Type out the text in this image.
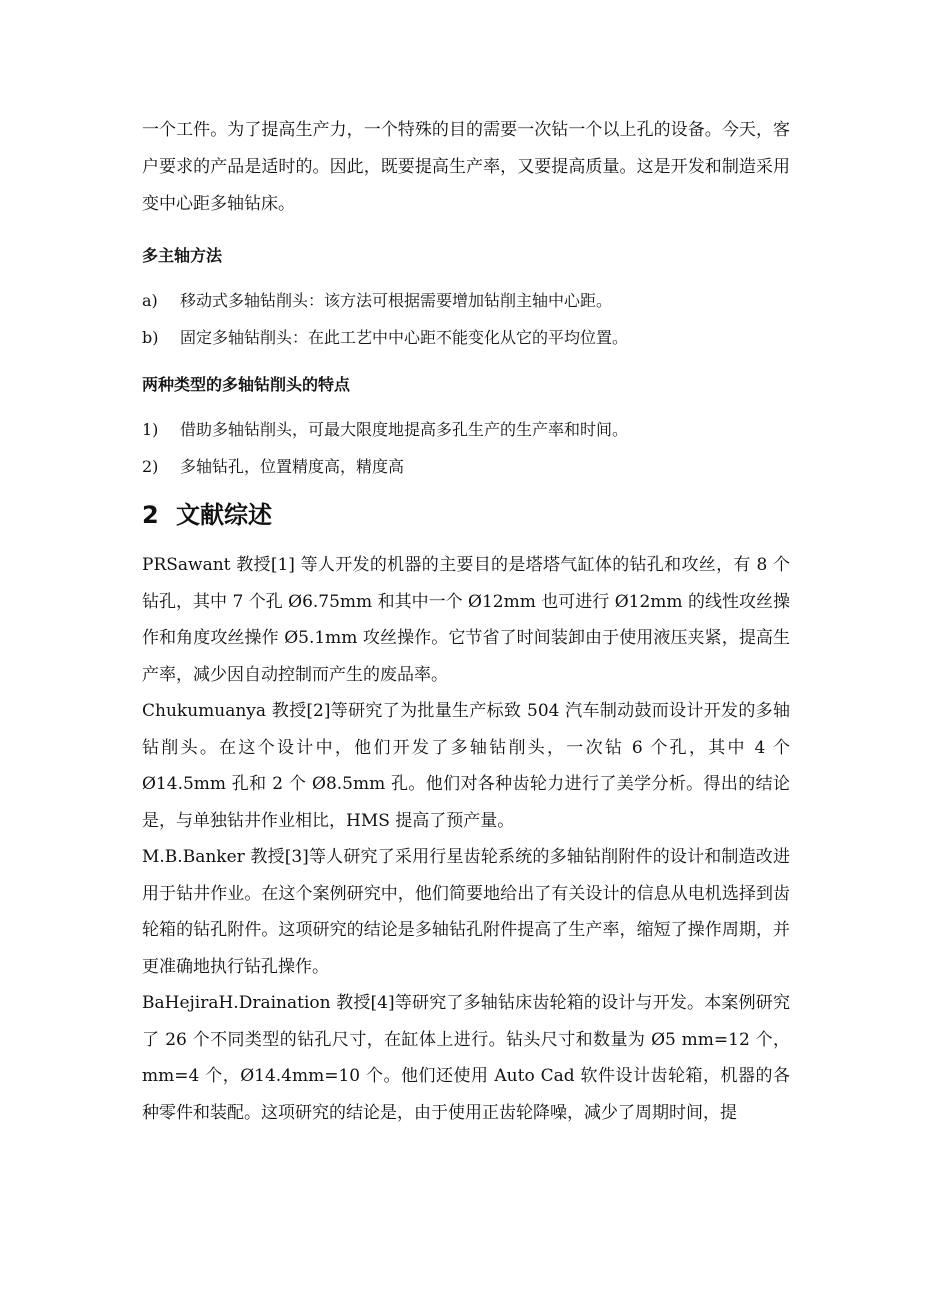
一个工件。为了提高生产力，一个特殊的目的需要一次钻一个以上孔的设备。今天，客户要求的产品是适时的。因此，既要提高生产率，又要提高质量。这是开发和制造采用变中心距多轴钻床。

多主轴方法
a)	移动式多轴钻削头：该方法可根据需要增加钻削主轴中心距。
b)	固定多轴钻削头：在此工艺中中心距不能变化从它的平均位置。
两种类型的多轴钻削头的特点
1)	借助多轴钻削头，可最大限度地提高多孔生产的生产率和时间。
2)	多轴钻孔，位置精度高，精度高
2 文献综述

PRSawant 教授[1] 等人开发的机器的主要目的是塔塔气缸体的钻孔和攻丝，有 8 个钻孔，其中 7 个孔 Ø6.75mm 和其中一个 Ø12mm 也可进行 Ø12mm 的线性攻丝操作和角度攻丝操作 Ø5.1mm 攻丝操作。它节省了时间装卸由于使用液压夹紧，提高生产率，减少因自动控制而产生的废品率。

Chukumuanya 教授[2]等研究了为批量生产标致 504 汽车制动鼓而设计开发的多轴钻削头。在这个设计中，他们开发了多轴钻削头，一次钻 6 个孔，其中 4 个 Ø14.5mm 孔和 2 个 Ø8.5mm 孔。他们对各种齿轮力进行了美学分析。得出的结论是，与单独钻井作业相比，HMS 提高了预产量。

M.B.Banker 教授[3]等人研究了采用行星齿轮系统的多轴钻削附件的设计和制造改进用于钻井作业。在这个案例研究中，他们简要地给出了有关设计的信息从电机选择到齿轮箱的钻孔附件。这项研究的结论是多轴钻孔附件提高了生产率，缩短了操作周期，并更准确地执行钻孔操作。

BaHejiraH.Draination 教授[4]等研究了多轴钻床齿轮箱的设计与开发。本案例研究了 26 个不同类型的钻孔尺寸，在缸体上进行。钻头尺寸和数量为 Ø5 mm=12 个，mm=4 个，Ø14.4mm=10 个。他们还使用 Auto Cad 软件设计齿轮箱，机器的各种零件和装配。这项研究的结论是，由于使用正齿轮降噪，减少了周期时间，提
